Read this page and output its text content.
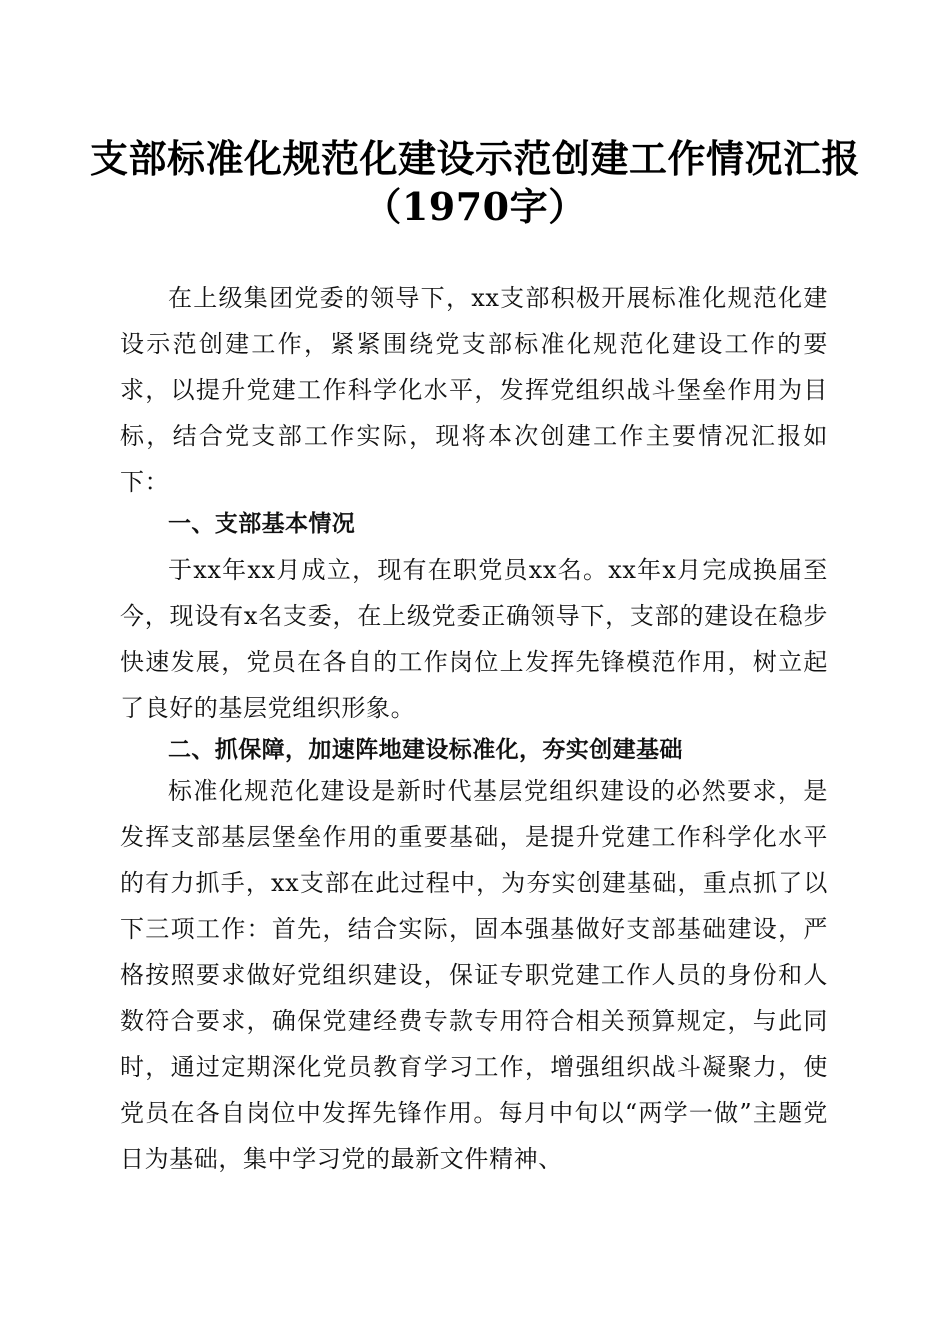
支部标准化规范化建设示范创建工作情况汇报
（1970字）

在上级集团党委的领导下，xx支部积极开展标准化规范化建设示范创建工作，紧紧围绕党支部标准化规范化建设工作的要求，以提升党建工作科学化水平，发挥党组织战斗堡垒作用为目标，结合党支部工作实际，现将本次创建工作主要情况汇报如下：

一、支部基本情况

于xx年xx月成立，现有在职党员xx名。xx年x月完成换届至今，现设有x名支委，在上级党委正确领导下，支部的建设在稳步快速发展，党员在各自的工作岗位上发挥先锋模范作用，树立起了良好的基层党组织形象。

二、抓保障，加速阵地建设标准化，夯实创建基础

标准化规范化建设是新时代基层党组织建设的必然要求，是发挥支部基层堡垒作用的重要基础，是提升党建工作科学化水平的有力抓手，xx支部在此过程中，为夯实创建基础，重点抓了以下三项工作：首先，结合实际，固本强基做好支部基础建设，严格按照要求做好党组织建设，保证专职党建工作人员的身份和人数符合要求，确保党建经费专款专用符合相关预算规定，与此同时，通过定期深化党员教育学习工作，增强组织战斗凝聚力，使党员在各自岗位中发挥先锋作用。每月中旬以“两学一做”主题党日为基础，集中学习党的最新文件精神、
